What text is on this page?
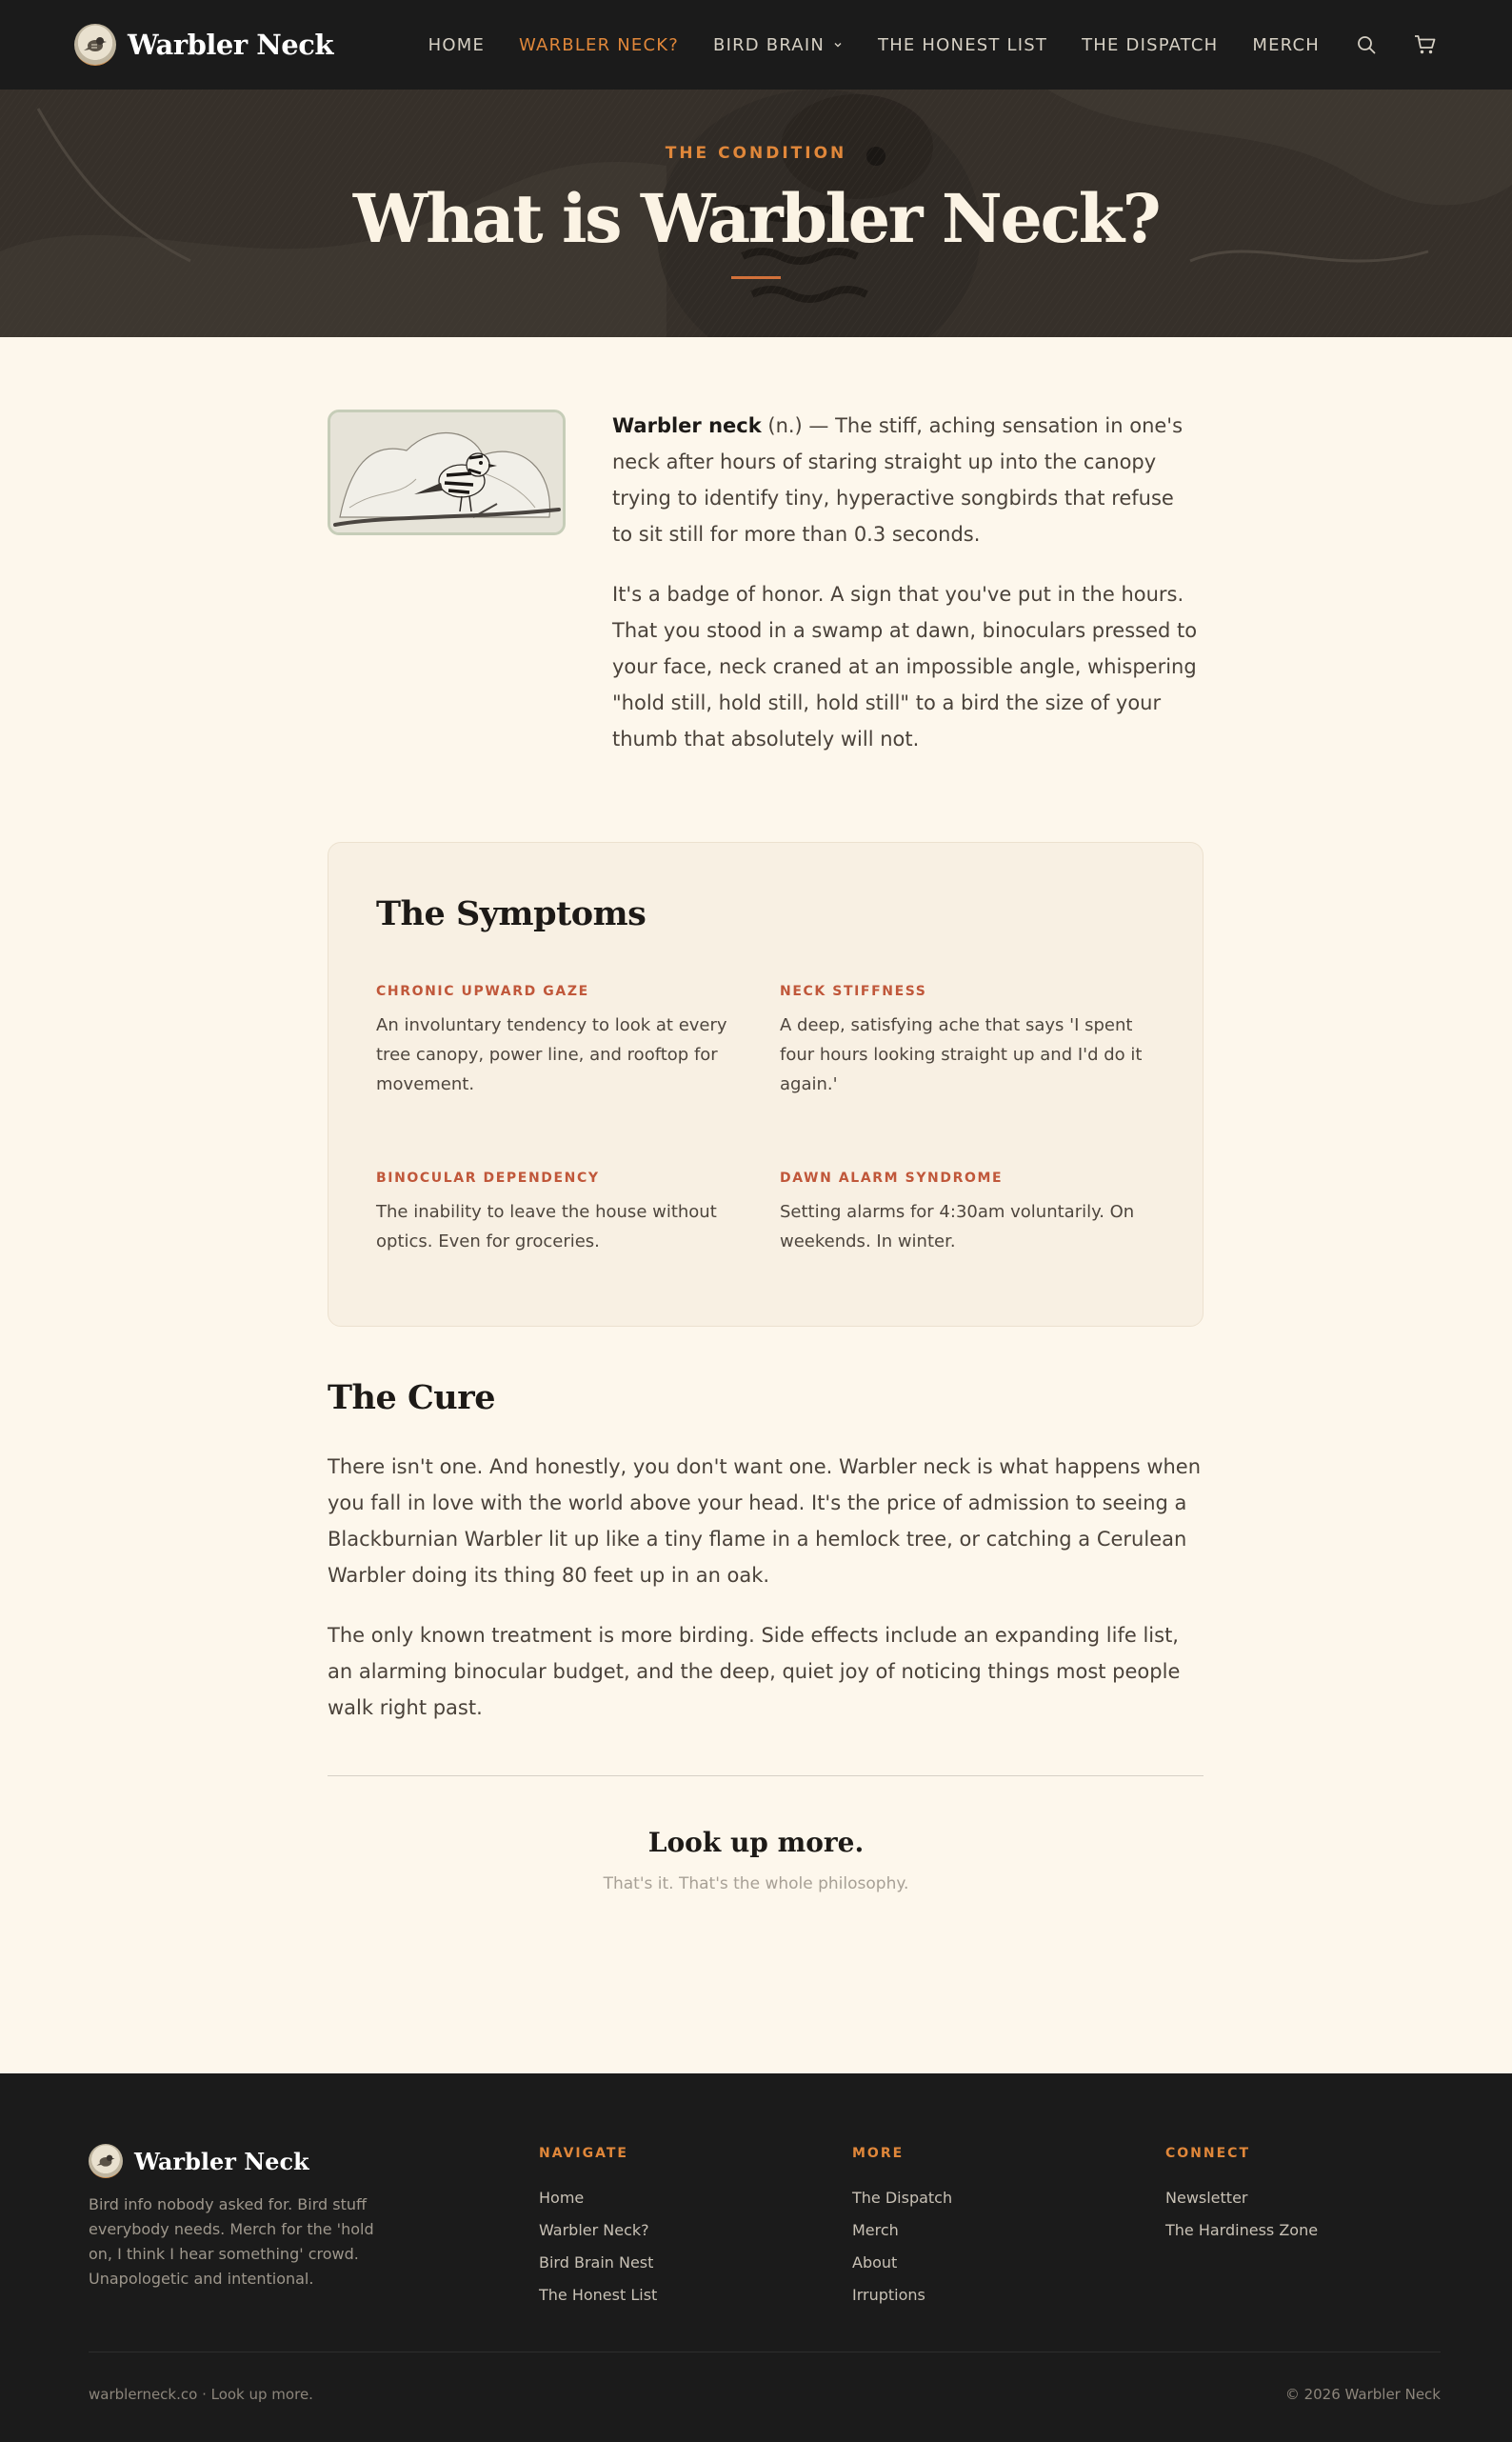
Warbler Neck	HOME WARBLER NECK? BIRD BRAIN	THE HONEST LIST THE DISPATCH MERCH
THE CONDITION
What is Warbler Neck?

Warbler neck (n.) — The stiff, aching sensation in one's neck after hours of staring straight up into the canopy trying to identify tiny, hyperactive songbirds that refuse to sit still for more than 0.3 seconds.

It's a badge of honor. A sign that you've put in the hours. That you stood in a swamp at dawn, binoculars pressed to your face, neck craned at an impossible angle, whispering "hold still, hold still, hold still" to a bird the size of your thumb that absolutely will not.

The Symptoms
CHRONIC UPWARD GAZE
An involuntary tendency to look at every tree canopy, power line, and rooftop for movement.
NECK STIFFNESS
A deep, satisfying ache that says 'I spent four hours looking straight up and I'd do it again.'
BINOCULAR DEPENDENCY
The inability to leave the house without optics. Even for groceries.
DAWN ALARM SYNDROME
Setting alarms for 4:30am voluntarily. On weekends. In winter.
The Cure

There isn't one. And honestly, you don't want one. Warbler neck is what happens when you fall in love with the world above your head. It's the price of admission to seeing a Blackburnian Warbler lit up like a tiny flame in a hemlock tree, or catching a Cerulean Warbler doing its thing 80 feet up in an oak.

The only known treatment is more birding. Side effects include an expanding life list, an alarming binocular budget, and the deep, quiet joy of noticing things most people walk right past.

Look up more.
That's it. That's the whole philosophy.
Warbler Neck

Bird info nobody asked for. Bird stuff everybody needs. Merch for the 'hold on, I think I hear something' crowd. Unapologetic and intentional.

NAVIGATE
Home
Warbler Neck?
Bird Brain Nest
The Honest List
MORE
The Dispatch
Merch
About
Irruptions
CONNECT
Newsletter
The Hardiness Zone
warblerneck.co · Look up more.	© 2026 Warbler Neck
